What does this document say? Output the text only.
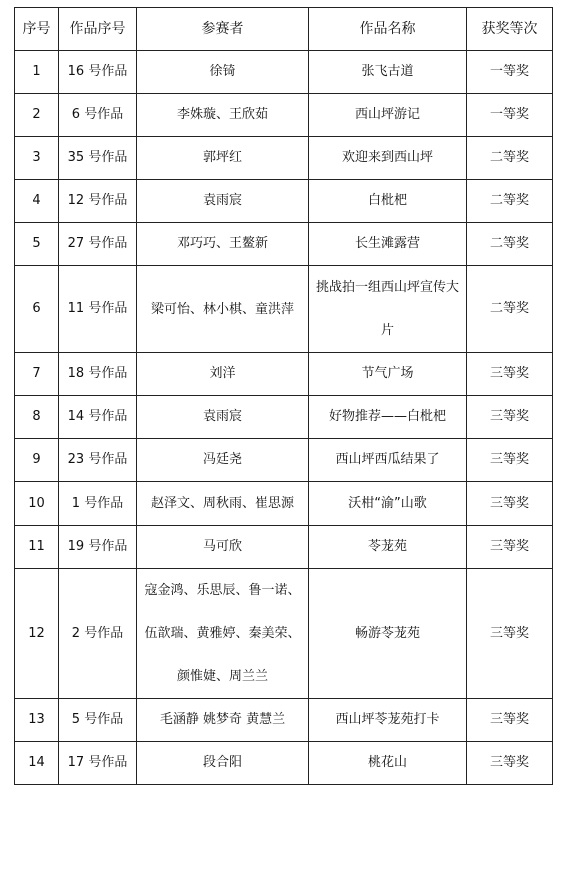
序号	作品序号	参赛者	作品名称	获奖等次
1	16 号作品	徐锜	张飞古道	一等奖
2	6 号作品	李姝璇、王欣茹	西山坪游记	一等奖
3	35 号作品	郭坪红	欢迎来到西山坪	二等奖
4	12 号作品	袁雨宸	白枇杷	二等奖
5	27 号作品	邓巧巧、王鳌新	长生滩露营	二等奖
6	11 号作品	梁可怡、林小棋、童洪萍	挑战拍一组西山坪宣传大片	二等奖
7	18 号作品	刘洋	节气广场	三等奖
8	14 号作品	袁雨宸	好物推荐——白枇杷	三等奖
9	23 号作品	冯廷尧	西山坪西瓜结果了	三等奖
10	1 号作品	赵泽文、周秋雨、崔思源	沃柑“渝”山歌	三等奖
11	19 号作品	马可欣	苓茏苑	三等奖
12	2 号作品	寇金鸿、乐思辰、鲁一诺、伍歆瑞、黄雅婷、秦美荣、颜惟婕、周兰兰	畅游苓茏苑	三等奖
13	5 号作品	毛涵静 姚梦奇 黄慧兰	西山坪苓茏苑打卡	三等奖
14	17 号作品	段合阳	桃花山	三等奖
